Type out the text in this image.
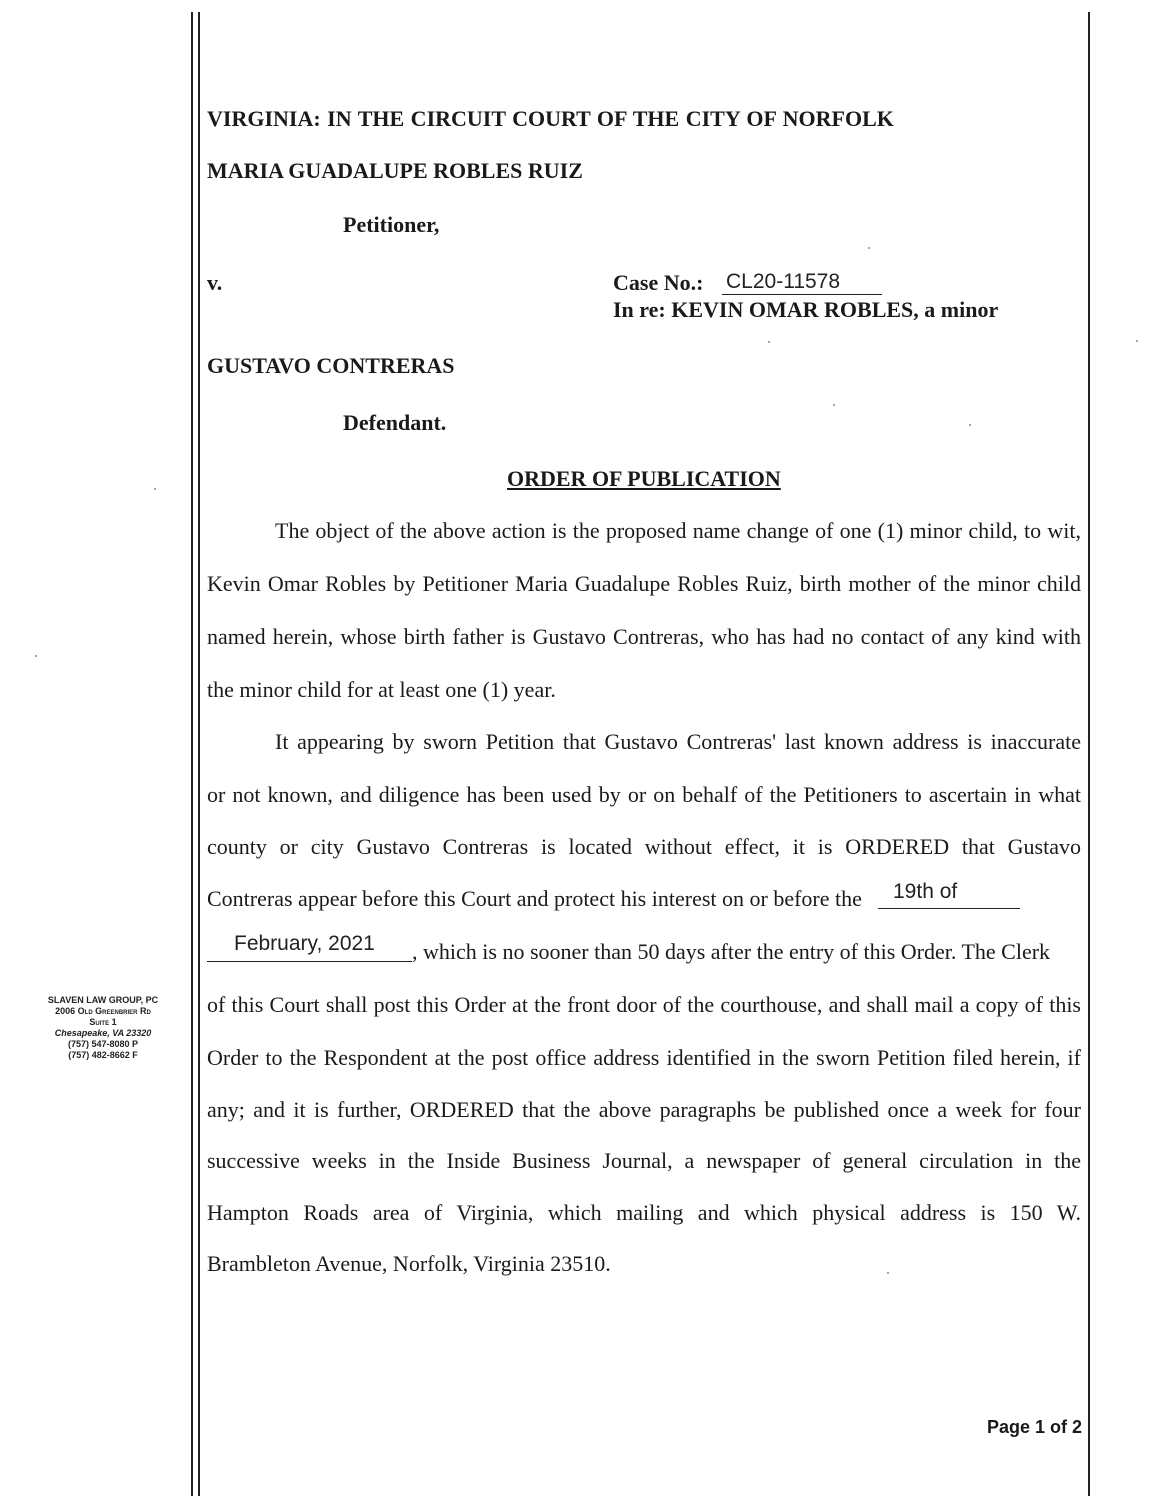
VIRGINIA: IN THE CIRCUIT COURT OF THE CITY OF NORFOLK
MARIA GUADALUPE ROBLES RUIZ
Petitioner,
v.	Case No.: CL20-11578
In re: KEVIN OMAR ROBLES, a minor
GUSTAVO CONTRERAS
Defendant.
ORDER OF PUBLICATION
The object of the above action is the proposed name change of one (1) minor child, to wit,
Kevin Omar Robles by Petitioner Maria Guadalupe Robles Ruiz, birth mother of the minor child
named herein, whose birth father is Gustavo Contreras, who has had no contact of any kind with
the minor child for at least one (1) year.
It appearing by sworn Petition that Gustavo Contreras' last known address is inaccurate
or not known, and diligence has been used by or on behalf of the Petitioners to ascertain in what
county or city Gustavo Contreras is located without effect, it is ORDERED that Gustavo
Contreras appear before this Court and protect his interest on or before the 19th of
February, 2021 , which is no sooner than 50 days after the entry of this Order. The Clerk
of this Court shall post this Order at the front door of the courthouse, and shall mail a copy of this
Order to the Respondent at the post office address identified in the sworn Petition filed herein, if
any; and it is further, ORDERED that the above paragraphs be published once a week for four
successive weeks in the Inside Business Journal, a newspaper of general circulation in the
Hampton Roads area of Virginia, which mailing and which physical address is 150 W.
Brambleton Avenue, Norfolk, Virginia 23510.
SLAVEN LAW GROUP, PC
2006 Old Greenbrier Rd
Suite 1
Chesapeake, VA 23320
(757) 547-8080 P
(757) 482-8662 F
Page 1 of 2
